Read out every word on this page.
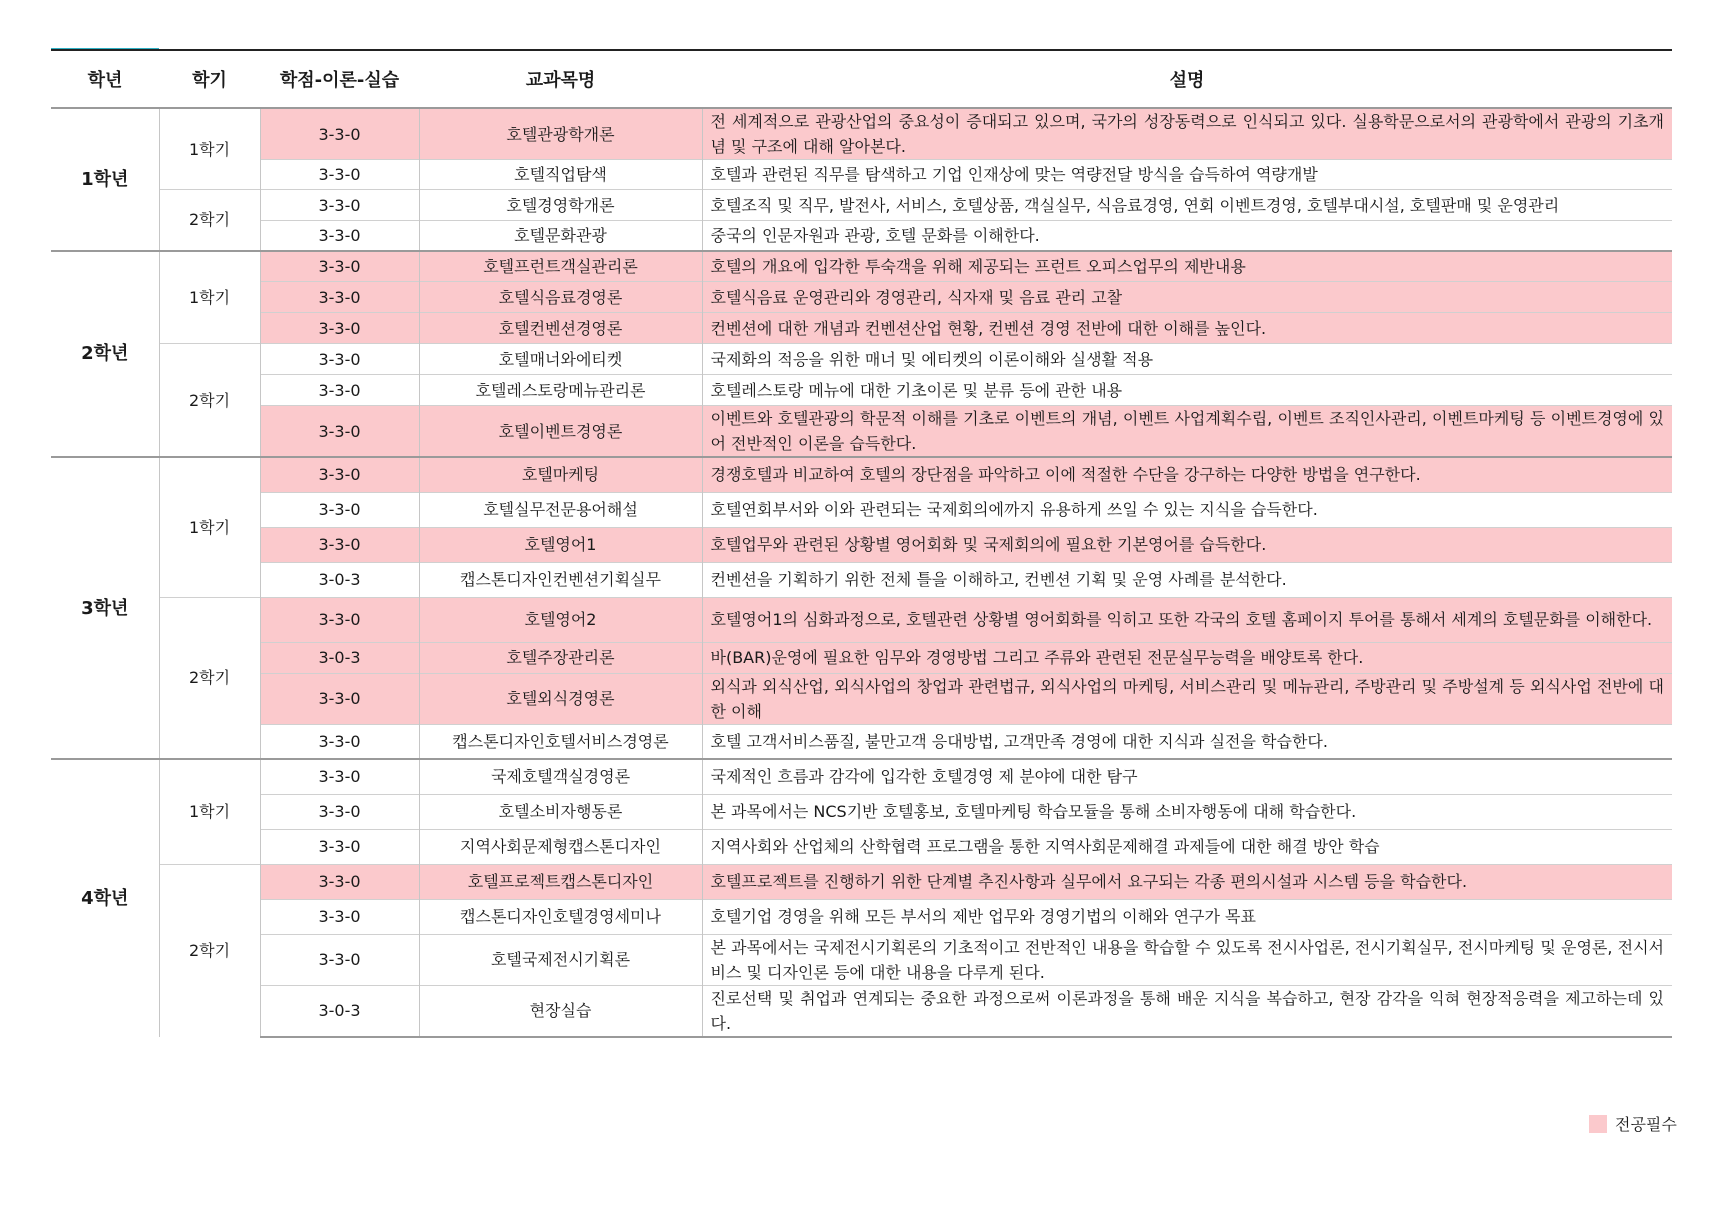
학년	학기	학점-이론-실습	교과목명	설명
1학년	1학기	3-3-0	호텔관광학개론	전 세계적으로 관광산업의 중요성이 증대되고 있으며, 국가의 성장동력으로 인식되고 있다. 실용학문으로서의 관광학에서 관광의 기초개념 및 구조에 대해 알아본다.
		3-3-0	호텔직업탐색	호텔과 관련된 직무를 탐색하고 기업 인재상에 맞는 역량전달 방식을 습득하여 역량개발
	2학기	3-3-0	호텔경영학개론	호텔조직 및 직무, 발전사, 서비스, 호텔상품, 객실실무, 식음료경영, 연회 이벤트경영, 호텔부대시설, 호텔판매 및 운영관리
		3-3-0	호텔문화관광	중국의 인문자원과 관광, 호텔 문화를 이해한다.
2학년	1학기	3-3-0	호텔프런트객실관리론	호텔의 개요에 입각한 투숙객을 위해 제공되는 프런트 오피스업무의 제반내용
		3-3-0	호텔식음료경영론	호텔식음료 운영관리와 경영관리, 식자재 및 음료 관리 고찰
		3-3-0	호텔컨벤션경영론	컨벤션에 대한 개념과 컨벤션산업 현황, 컨벤션 경영 전반에 대한 이해를 높인다.
	2학기	3-3-0	호텔매너와에티켓	국제화의 적응을 위한 매너 및 에티켓의 이론이해와 실생활 적용
		3-3-0	호텔레스토랑메뉴관리론	호텔레스토랑 메뉴에 대한 기초이론 및 분류 등에 관한 내용
		3-3-0	호텔이벤트경영론	이벤트와 호텔관광의 학문적 이해를 기초로 이벤트의 개념, 이벤트 사업계획수립, 이벤트 조직인사관리, 이벤트마케팅 등 이벤트경영에 있어 전반적인 이론을 습득한다.
3학년	1학기	3-3-0	호텔마케팅	경쟁호텔과 비교하여 호텔의 장단점을 파악하고 이에 적절한 수단을 강구하는 다양한 방법을 연구한다.
		3-3-0	호텔실무전문용어해설	호텔연회부서와 이와 관련되는 국제회의에까지 유용하게 쓰일 수 있는 지식을 습득한다.
		3-3-0	호텔영어1	호텔업무와 관련된 상황별 영어회화 및 국제회의에 필요한 기본영어를 습득한다.
		3-0-3	캡스톤디자인컨벤션기획실무	컨벤션을 기획하기 위한 전체 틀을 이해하고, 컨벤션 기획 및 운영 사례를 분석한다.
	2학기	3-3-0	호텔영어2	호텔영어1의 심화과정으로, 호텔관련 상황별 영어회화를 익히고 또한 각국의 호텔 홈페이지 투어를 통해서 세계의 호텔문화를 이해한다.
		3-0-3	호텔주장관리론	바(BAR)운영에 필요한 임무와 경영방법 그리고 주류와 관련된 전문실무능력을 배양토록 한다.
		3-3-0	호텔외식경영론	외식과 외식산업, 외식사업의 창업과 관련법규, 외식사업의 마케팅, 서비스관리 및 메뉴관리, 주방관리 및 주방설계 등 외식사업 전반에 대한 이해
		3-3-0	캡스톤디자인호텔서비스경영론	호텔 고객서비스품질, 불만고객 응대방법, 고객만족 경영에 대한 지식과 실전을 학습한다.
4학년	1학기	3-3-0	국제호텔객실경영론	국제적인 흐름과 감각에 입각한 호텔경영 제 분야에 대한 탐구
		3-3-0	호텔소비자행동론	본 과목에서는 NCS기반 호텔홍보, 호텔마케팅 학습모듈을 통해 소비자행동에 대해 학습한다.
		3-3-0	지역사회문제형캡스톤디자인	지역사회와 산업체의 산학협력 프로그램을 통한 지역사회문제해결 과제들에 대한 해결 방안 학습
	2학기	3-3-0	호텔프로젝트캡스톤디자인	호텔프로젝트를 진행하기 위한 단계별 추진사항과 실무에서 요구되는 각종 편의시설과 시스템 등을 학습한다.
		3-3-0	캡스톤디자인호텔경영세미나	호텔기업 경영을 위해 모든 부서의 제반 업무와 경영기법의 이해와 연구가 목표
		3-3-0	호텔국제전시기획론	본 과목에서는 국제전시기획론의 기초적이고 전반적인 내용을 학습할 수 있도록 전시사업론, 전시기획실무, 전시마케팅 및 운영론, 전시서비스 및 디자인론 등에 대한 내용을 다루게 된다.
		3-0-3	현장실습	진로선택 및 취업과 연계되는 중요한 과정으로써 이론과정을 통해 배운 지식을 복습하고, 현장 감각을 익혀 현장적응력을 제고하는데 있다.
전공필수
